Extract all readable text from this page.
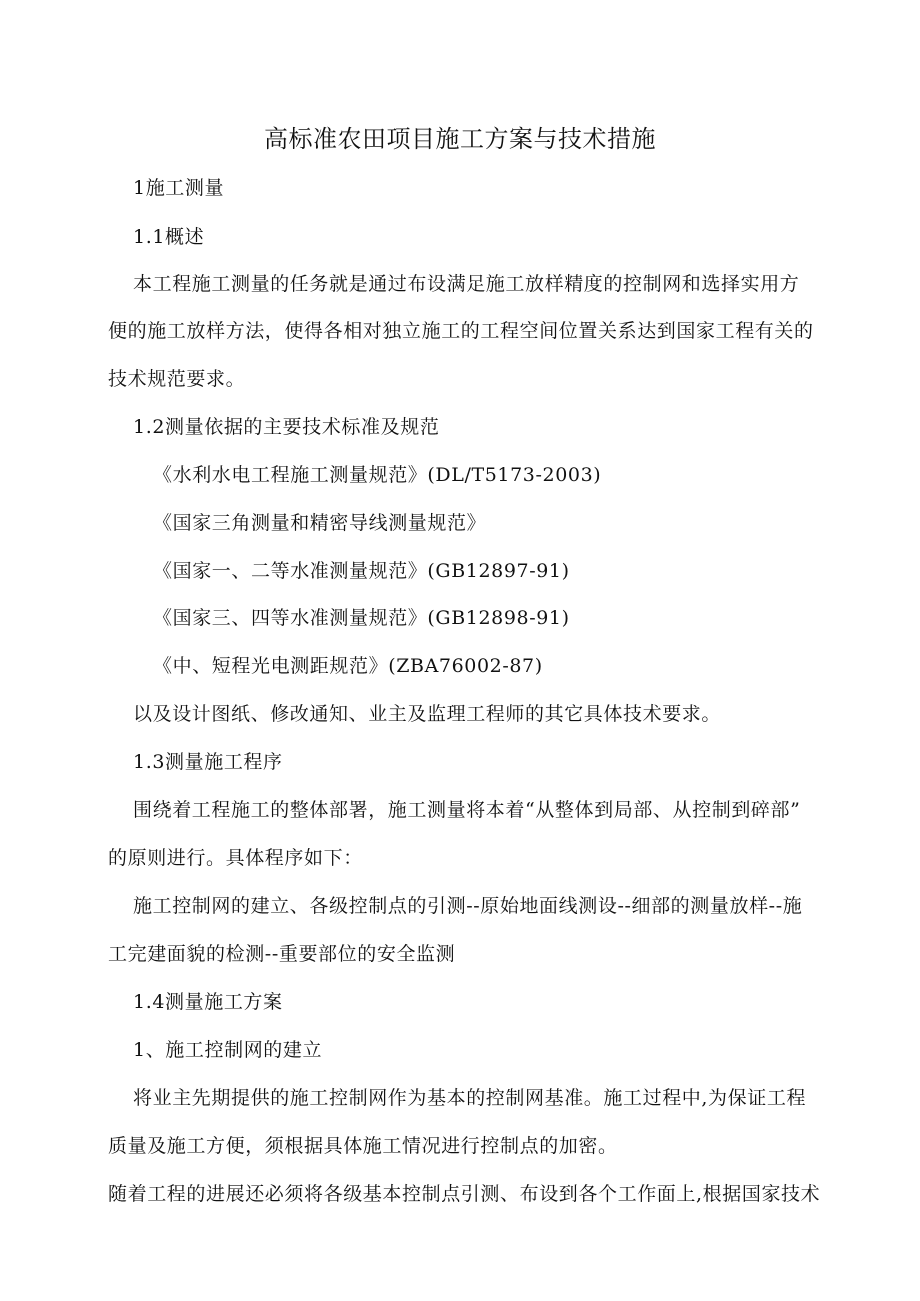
高标准农田项目施工方案与技术措施
1施工测量
1.1概述
本工程施工测量的任务就是通过布设满足施工放样精度的控制网和选择实用方
便的施工放样方法，使得各相对独立施工的工程空间位置关系达到国家工程有关的
技术规范要求。
1.2测量依据的主要技术标准及规范
《水利水电工程施工测量规范》(DL/T5173-2003)
《国家三角测量和精密导线测量规范》
《国家一、二等水准测量规范》(GB12897-91)
《国家三、四等水准测量规范》(GB12898-91)
《中、短程光电测距规范》(ZBA76002-87)
以及设计图纸、修改通知、业主及监理工程师的其它具体技术要求。
1.3测量施工程序
围绕着工程施工的整体部署，施工测量将本着“从整体到局部、从控制到碎部”
的原则进行。具体程序如下：
施工控制网的建立、各级控制点的引测--原始地面线测设--细部的测量放样--施
工完建面貌的检测--重要部位的安全监测
1.4测量施工方案
1、施工控制网的建立
将业主先期提供的施工控制网作为基本的控制网基准。施工过程中,为保证工程
质量及施工方便，须根据具体施工情况进行控制点的加密。
随着工程的进展还必须将各级基本控制点引测、布设到各个工作面上,根据国家技术
